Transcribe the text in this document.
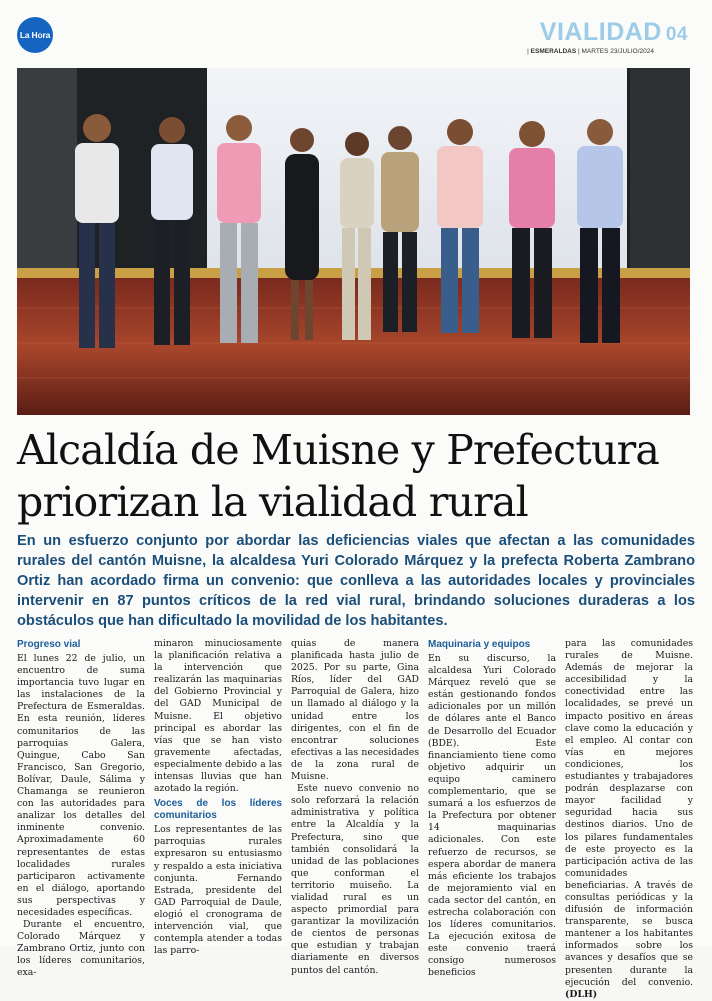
La Hora	VIALIDAD 04
| ESMERALDAS | MARTES 23/JULIO/2024
Alcaldía de Muisne y Prefectura priorizan la vialidad rural

En un esfuerzo conjunto por abordar las deficiencias viales que afectan a las comunidades rurales del cantón Muisne, la alcaldesa Yuri Colorado Márquez y la prefecta Roberta Zambrano Ortiz han acordado firma un convenio: que conlleva a las autoridades locales y provinciales intervenir en 87 puntos críticos de la red vial rural, brindando soluciones duraderas a los obstáculos que han dificultado la movilidad de los habitantes.

Progreso vial

El lunes 22 de julio, un encuentro de suma importancia tuvo lugar en las instalaciones de la Prefectura de Esmeraldas. En esta reunión, líderes comunitarios de las parroquias Galera, Quingue, Cabo San Francisco, San Gregorio, Bolívar, Daule, Sálima y Chamanga se reunieron con las autoridades para analizar los detalles del inminente convenio. Aproximadamente 60 representantes de estas localidades rurales participaron activamente en el diálogo, aportando sus perspectivas y necesidades específicas.

Durante el encuentro, Colorado Márquez y Zambrano Ortiz, junto con los líderes comunitarios, exa-

minaron minuciosamente la planificación relativa a la intervención que realizarán las maquinarias del Gobierno Provincial y del GAD Municipal de Muisne. El objetivo principal es abordar las vías que se han visto gravemente afectadas, especialmente debido a las intensas lluvias que han azotado la región.

Voces de los líderes comunitarios

Los representantes de las parroquias rurales expresaron su entusiasmo y respaldo a esta iniciativa conjunta. Fernando Estrada, presidente del GAD Parroquial de Daule, elogió el cronograma de intervención vial, que contempla atender a todas las parro-

quias de manera planificada hasta julio de 2025. Por su parte, Gina Ríos, líder del GAD Parroquial de Galera, hizo un llamado al diálogo y la unidad entre los dirigentes, con el fin de encontrar soluciones efectivas a las necesidades de la zona rural de Muisne.

Este nuevo convenio no solo reforzará la relación administrativa y política entre la Alcaldía y la Prefectura, sino que también consolidará la unidad de las poblaciones que conforman el territorio muiseño. La vialidad rural es un aspecto primordial para garantizar la movilización de cientos de personas que estudian y trabajan diariamente en diversos puntos del cantón.

Maquinaria y equipos

En su discurso, la alcaldesa Yuri Colorado Márquez reveló que se están gestionando fondos adicionales por un millón de dólares ante el Banco de Desarrollo del Ecuador (BDE). Este financiamiento tiene como objetivo adquirir un equipo caminero complementario, que se sumará a los esfuerzos de la Prefectura por obtener 14 maquinarias adicionales. Con este refuerzo de recursos, se espera abordar de manera más eficiente los trabajos de mejoramiento vial en cada sector del cantón, en estrecha colaboración con los líderes comunitarios. La ejecución exitosa de este convenio traerá consigo numerosos beneficios

para las comunidades rurales de Muisne. Además de mejorar la accesibilidad y la conectividad entre las localidades, se prevé un impacto positivo en áreas clave como la educación y el empleo. Al contar con vías en mejores condiciones, los estudiantes y trabajadores podrán desplazarse con mayor facilidad y seguridad hacia sus destinos diarios. Uno de los pilares fundamentales de este proyecto es la participación activa de las comunidades beneficiarias. A través de consultas periódicas y la difusión de información transparente, se busca mantener a los habitantes informados sobre los avances y desafíos que se presenten durante la ejecución del convenio. (DLH)
